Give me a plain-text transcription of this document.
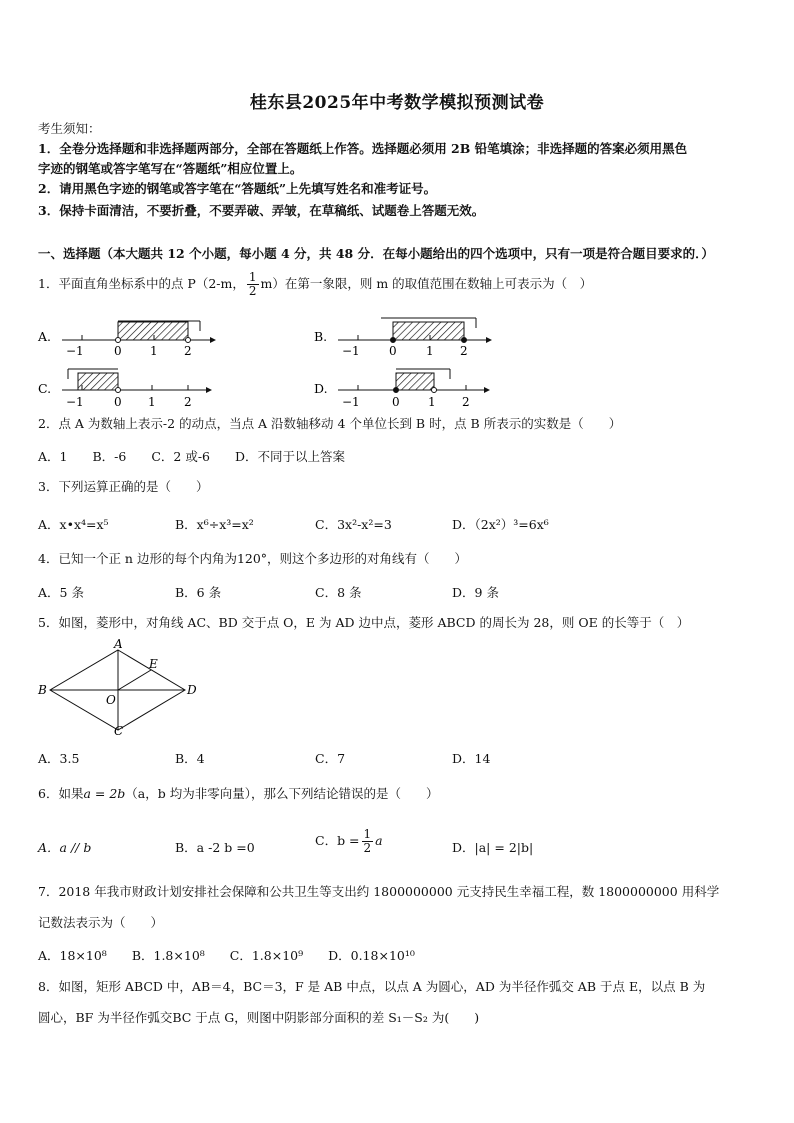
桂东县2025年中考数学模拟预测试卷
考生须知：
1．全卷分选择题和非选择题两部分，全部在答题纸上作答。选择题必须用 2B 铅笔填涂；非选择题的答案必须用黑色
字迹的钢笔或答字笔写在“答题纸”相应位置上。
2．请用黑色字迹的钢笔或答字笔在“答题纸”上先填写姓名和准考证号。
3．保持卡面清洁，不要折叠，不要弄破、弄皱，在草稿纸、试题卷上答题无效。
一、选择题（本大题共 12 个小题，每小题 4 分，共 48 分．在每小题给出的四个选项中，只有一项是符合题目要求的．）
1．平面直角坐标系中的点 P（2-m， $\frac{1}{2} m$）在第一象限，则 m 的取值范围在数轴上可表示为（　）
A.
−1	0 1 2
B.
−1 0 1 2
C.
−1	0 1 2
D.
−1	0 1 2
2．点 A 为数轴上表示-2 的动点，当点 A 沿数轴移动 4 个单位长到 B 时，点 B 所表示的实数是（　　）
A．1　　B．-6　　C．2 或-6　　D．不同于以上答案
3．下列运算正确的是（　　）
A．x•x⁴=x⁵	B．x⁶÷x³=x²	C．3x²-x²=3	D．（2x²）³=6x⁶
4．已知一个正 n 边形的每个内角为120°，则这个多边形的对角线有（　　）
A．5 条	B．6 条	C．8 条	D．9 条
5．如图，菱形中，对角线 AC、BD 交于点 O，E 为 AD 边中点，菱形 ABCD 的周长为 28，则 OE 的长等于（　）
A
B
C
D
E
O
A．3.5	B．4	C．7	D．14
6．如果a = 2b（a，b 均为非零向量），那么下列结论错误的是（　　）
A．a // b	B．a -2 b =0	C．$b = \frac{1}{2}$ a	D．|a| = 2|b|
7．2018 年我市财政计划安排社会保障和公共卫生等支出约 1800000000 元支持民生幸福工程，数 1800000000 用科学
记数法表示为（　　）
A．18×10⁸　　B．1.8×10⁸　　C．1.8×10⁹　　D．0.18×10¹⁰
8．如图，矩形 ABCD 中，AB＝4，BC＝3，F 是 AB 中点，以点 A 为圆心，AD 为半径作弧交 AB 于点 E，以点 B 为
圆心，BF 为半径作弧交BC 于点 G，则图中阴影部分面积的差 S₁－S₂ 为(　　)
